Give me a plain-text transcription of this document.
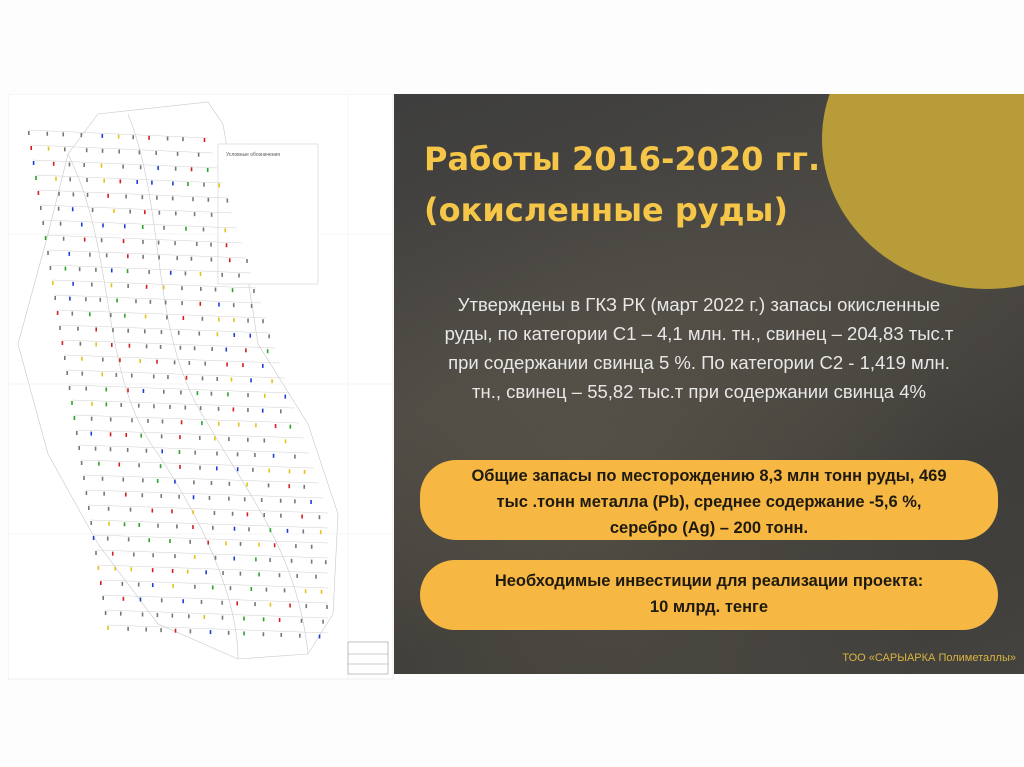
Условные обозначения	Работы 2016-2020 гг.
(окисленные руды)
Утверждены в ГКЗ РК (март 2022 г.) запасы окисленные руды, по категории С1 – 4,1 млн. тн., свинец – 204,83 тыс.т при содержании свинца 5 %. По категории С2 - 1,419 млн. тн., свинец – 55,82 тыс.т при содержании свинца 4%
Общие запасы по месторождению 8,3 млн тонн руды, 469
тыс .тонн металла (Pb), среднее содержание -5,6 %,
серебро (Ag) – 200 тонн.
Необходимые инвестиции для реализации проекта:
10 млрд. тенге
ТОО «САРЫАРКА Полиметаллы»
